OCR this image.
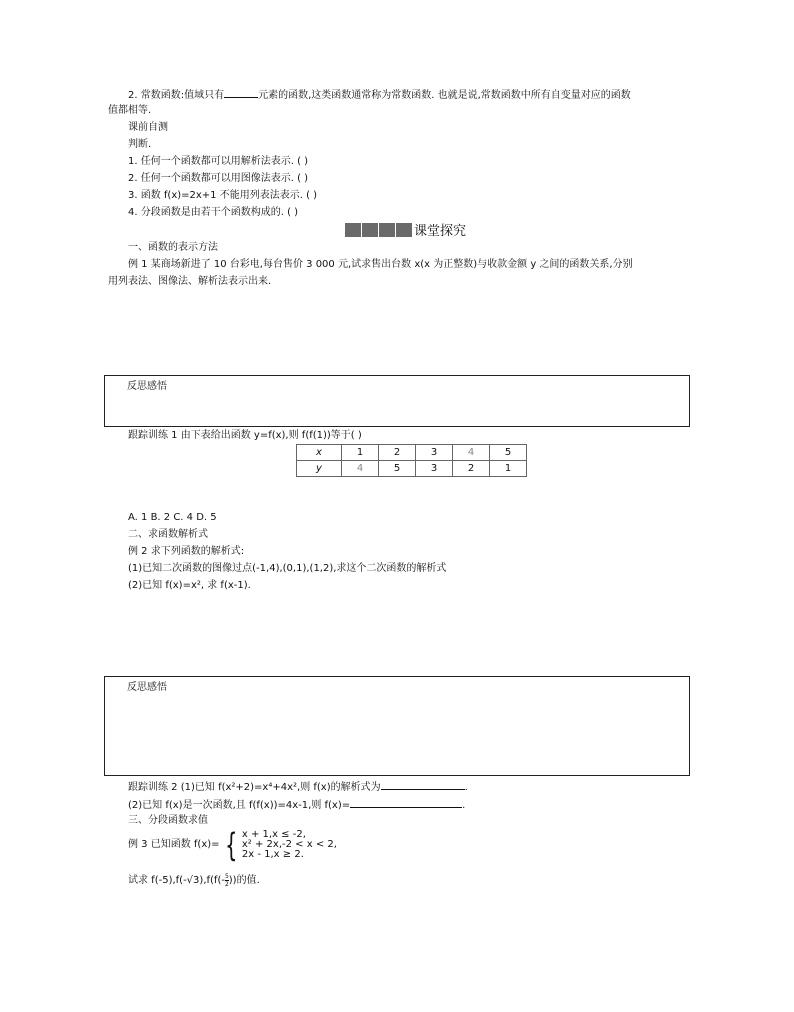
2. 常数函数:值域只有	元素的函数,这类函数通常称为常数函数. 也就是说,常数函数中所有自变量对应的函数
值都相等.
课前自测
判断.
1. 任何一个函数都可以用解析法表示. ( )
2. 任何一个函数都可以用图像法表示. ( )
3. 函数 f(x)=2x+1 不能用列表法表示. ( )
4. 分段函数是由若干个函数构成的. ( )
课堂探究
一、函数的表示方法
例 1 某商场新进了 10 台彩电,每台售价 3 000 元,试求售出台数 x(x 为正整数)与收款金额 y 之间的函数关系,分别
用列表法、图像法、解析法表示出来.
反思感悟
跟踪训练 1 由下表给出函数 y=f(x),则 f(f(1))等于( )
x	1	2	3	4	5
y	4	5	3	2	1
A. 1 B. 2 C. 4 D. 5
二、求函数解析式
例 2 求下列函数的解析式:
(1)已知二次函数的图像过点(-1,4),(0,1),(1,2),求这个二次函数的解析式
(2)已知 f(x)=x², 求 f(x-1).
反思感悟
跟踪训练 2 (1)已知 f(x²+2)=x⁴+4x²,则 f(x)的解析式为	.
(2)已知 f(x)是一次函数,且 f(f(x))=4x-1,则 f(x)=	.
三、分段函数求值
例 3 已知函数 f(x)= { x + 1,x ≤ -2,
x² + 2x,-2 < x < 2,
2x - 1,x ≥ 2.
试求 $f(-5),f(-√3),f(f(- \frac{5}{2}$ ))的值.
